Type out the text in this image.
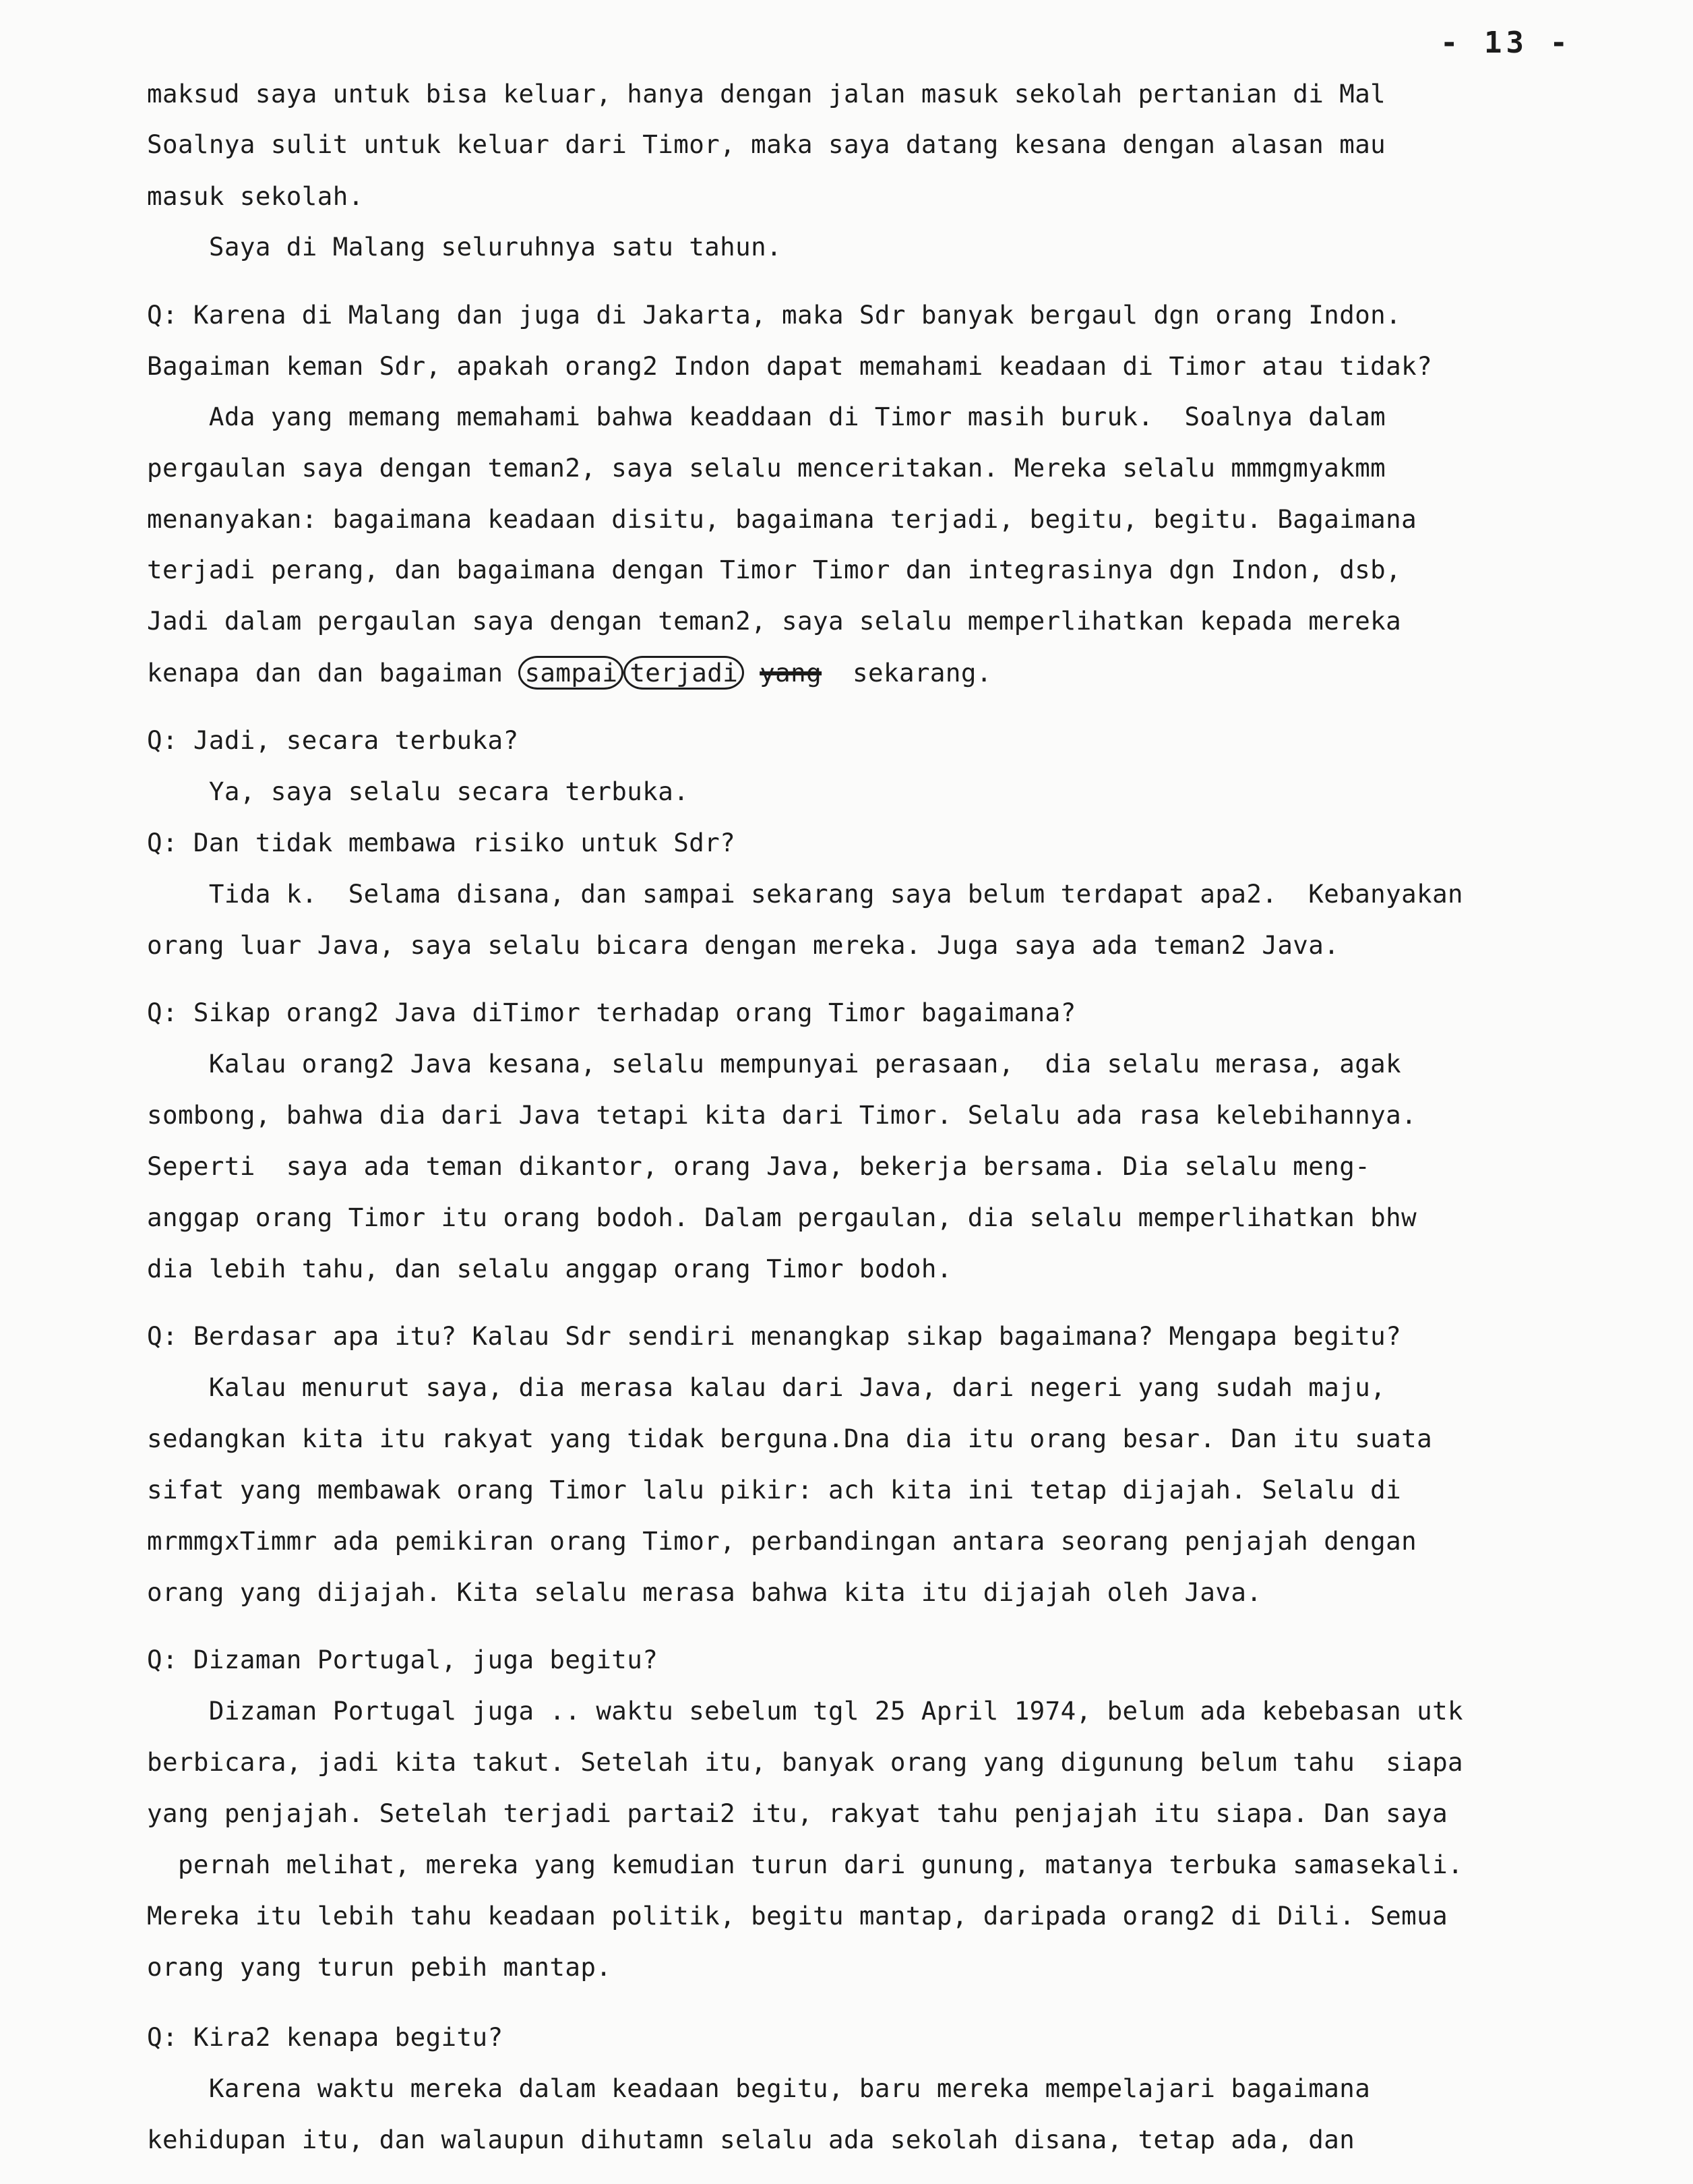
- 13 -
maksud saya untuk bisa keluar, hanya dengan jalan masuk sekolah pertanian di Mal
Soalnya sulit untuk keluar dari Timor, maka saya datang kesana dengan alasan mau
masuk sekolah.
Saya di Malang seluruhnya satu tahun.
Q: Karena di Malang dan juga di Jakarta, maka Sdr banyak bergaul dgn orang Indon.
Bagaiman keman Sdr, apakah orang2 Indon dapat memahami keadaan di Timor atau tidak?
Ada yang memang memahami bahwa keaddaan di Timor masih buruk.  Soalnya dalam
pergaulan saya dengan teman2, saya selalu menceritakan. Mereka selalu mmmgmyakmm
menanyakan: bagaimana keadaan disitu, bagaimana terjadi, begitu, begitu. Bagaimana
terjadi perang, dan bagaimana dengan Timor Timor dan integrasinya dgn Indon, dsb,
Jadi dalam pergaulan saya dengan teman2, saya selalu memperlihatkan kepada mereka
kenapa dan dan bagaiman sampai terjadi yang sekarang.
Q: Jadi, secara terbuka?
Ya, saya selalu secara terbuka.
Q: Dan tidak membawa risiko untuk Sdr?
Tida k.  Selama disana, dan sampai sekarang saya belum terdapat apa2.  Kebanyakan
orang luar Java, saya selalu bicara dengan mereka. Juga saya ada teman2 Java.
Q: Sikap orang2 Java diTimor terhadap orang Timor bagaimana?
Kalau orang2 Java kesana, selalu mempunyai perasaan,  dia selalu merasa, agak
sombong, bahwa dia dari Java tetapi kita dari Timor. Selalu ada rasa kelebihannya.
Seperti  saya ada teman dikantor, orang Java, bekerja bersama. Dia selalu meng-
anggap orang Timor itu orang bodoh. Dalam pergaulan, dia selalu memperlihatkan bhw
dia lebih tahu, dan selalu anggap orang Timor bodoh.
Q: Berdasar apa itu? Kalau Sdr sendiri menangkap sikap bagaimana? Mengapa begitu?
Kalau menurut saya, dia merasa kalau dari Java, dari negeri yang sudah maju,
sedangkan kita itu rakyat yang tidak berguna.Dna dia itu orang besar. Dan itu suata
sifat yang membawak orang Timor lalu pikir: ach kita ini tetap dijajah. Selalu di
mrmmgxTimmr ada pemikiran orang Timor, perbandingan antara seorang penjajah dengan
orang yang dijajah. Kita selalu merasa bahwa kita itu dijajah oleh Java.
Q: Dizaman Portugal, juga begitu?
Dizaman Portugal juga .. waktu sebelum tgl 25 April 1974, belum ada kebebasan utk
berbicara, jadi kita takut. Setelah itu, banyak orang yang digunung belum tahu  siapa
yang penjajah. Setelah terjadi partai2 itu, rakyat tahu penjajah itu siapa. Dan saya
pernah melihat, mereka yang kemudian turun dari gunung, matanya terbuka samasekali.
Mereka itu lebih tahu keadaan politik, begitu mantap, daripada orang2 di Dili. Semua
orang yang turun pebih mantap.
Q: Kira2 kenapa begitu?
Karena waktu mereka dalam keadaan begitu, baru mereka mempelajari bagaimana
kehidupan itu, dan walaupun dihutamn selalu ada sekolah disana, tetap ada, dan
